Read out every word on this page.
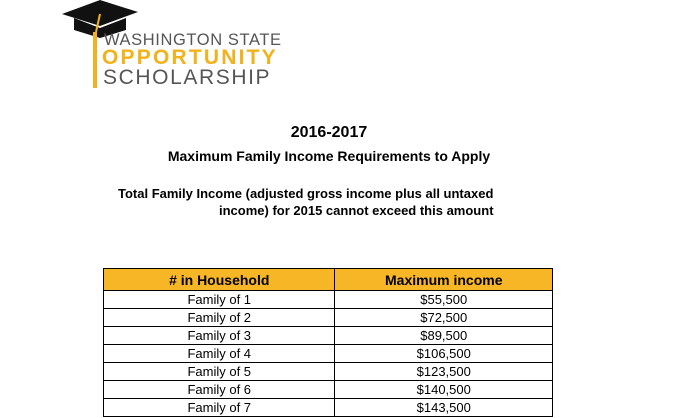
WASHINGTON STATE
OPPORTUNITY
SCHOLARSHIP
2016-2017
Maximum Family Income Requirements to Apply
Total Family Income (adjusted gross income plus all untaxed
income) for 2015 cannot exceed this amount
# in Household	Maximum income
Family of 1	$55,500
Family of 2	$72,500
Family of 3	$89,500
Family of 4	$106,500
Family of 5	$123,500
Family of 6	$140,500
Family of 7	$143,500
